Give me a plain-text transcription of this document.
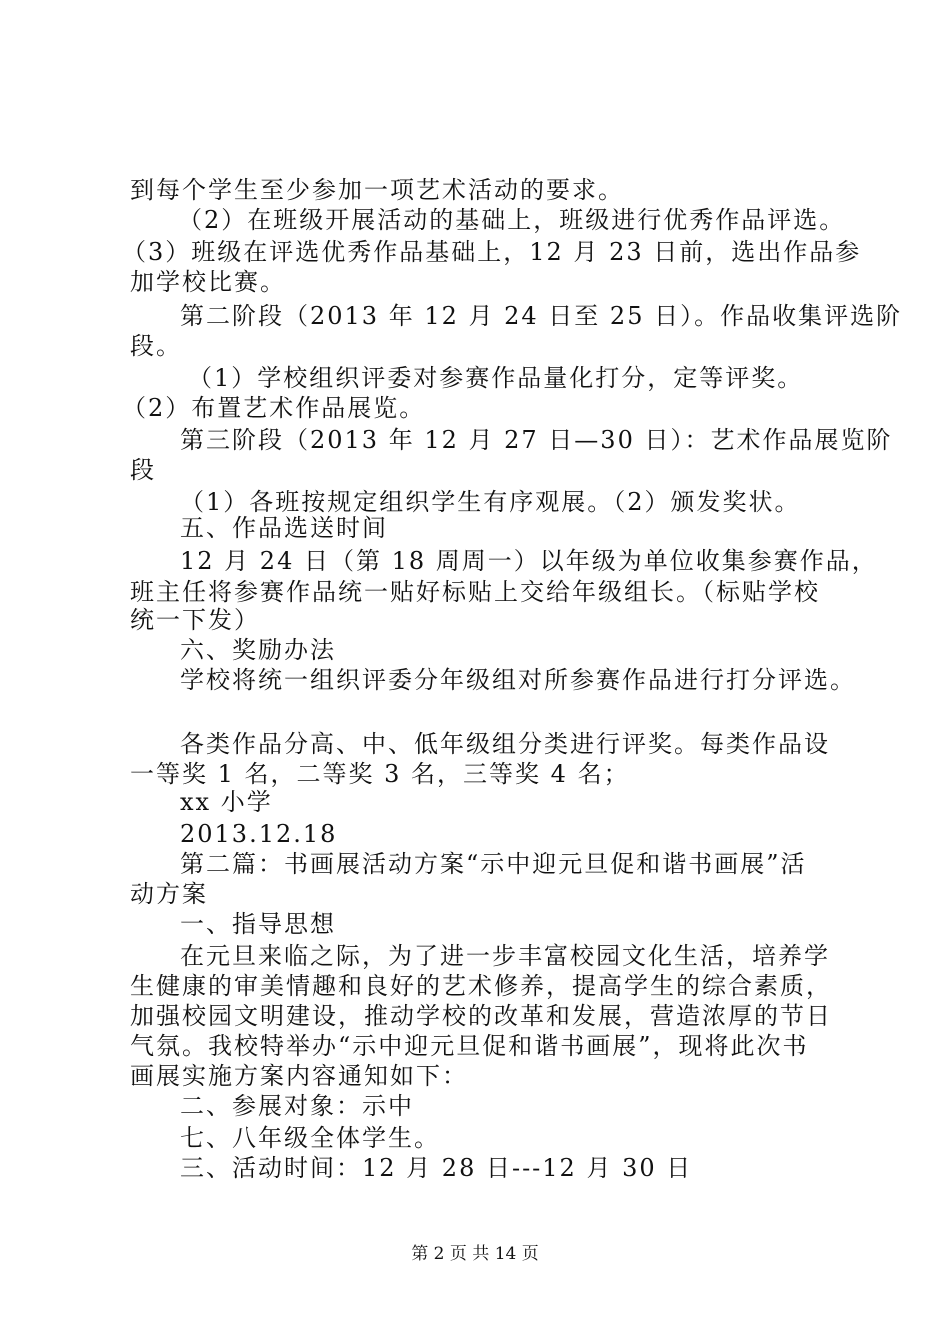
到每个学生至少参加一项艺术活动的要求。
（2）在班级开展活动的基础上，班级进行优秀作品评选。
（3）班级在评选优秀作品基础上，12 月 23 日前，选出作品参
加学校比赛。
第二阶段（2013 年 12 月 24 日至 25 日）。作品收集评选阶
段。
（1）学校组织评委对参赛作品量化打分，定等评奖。
（2）布置艺术作品展览。
第三阶段（2013 年 12 月 27 日—30 日）：艺术作品展览阶
段
（1）各班按规定组织学生有序观展。（2）颁发奖状。
五、作品选送时间
12 月 24 日（第 18 周周一）以年级为单位收集参赛作品，
班主任将参赛作品统一贴好标贴上交给年级组长。（标贴学校
统一下发）
六、奖励办法
学校将统一组织评委分年级组对所参赛作品进行打分评选。
各类作品分高、中、低年级组分类进行评奖。每类作品设
一等奖 1 名，二等奖 3 名，三等奖 4 名；
xx 小学
2013.12.18
第二篇：书画展活动方案“示中迎元旦促和谐书画展”活
动方案
一、指导思想
在元旦来临之际，为了进一步丰富校园文化生活，培养学
生健康的审美情趣和良好的艺术修养，提高学生的综合素质，
加强校园文明建设，推动学校的改革和发展，营造浓厚的节日
气氛。我校特举办“示中迎元旦促和谐书画展”，现将此次书
画展实施方案内容通知如下：
二、参展对象：示中
七、八年级全体学生。
三、活动时间：12 月 28 日---12 月 30 日
第 2 页 共 14 页
